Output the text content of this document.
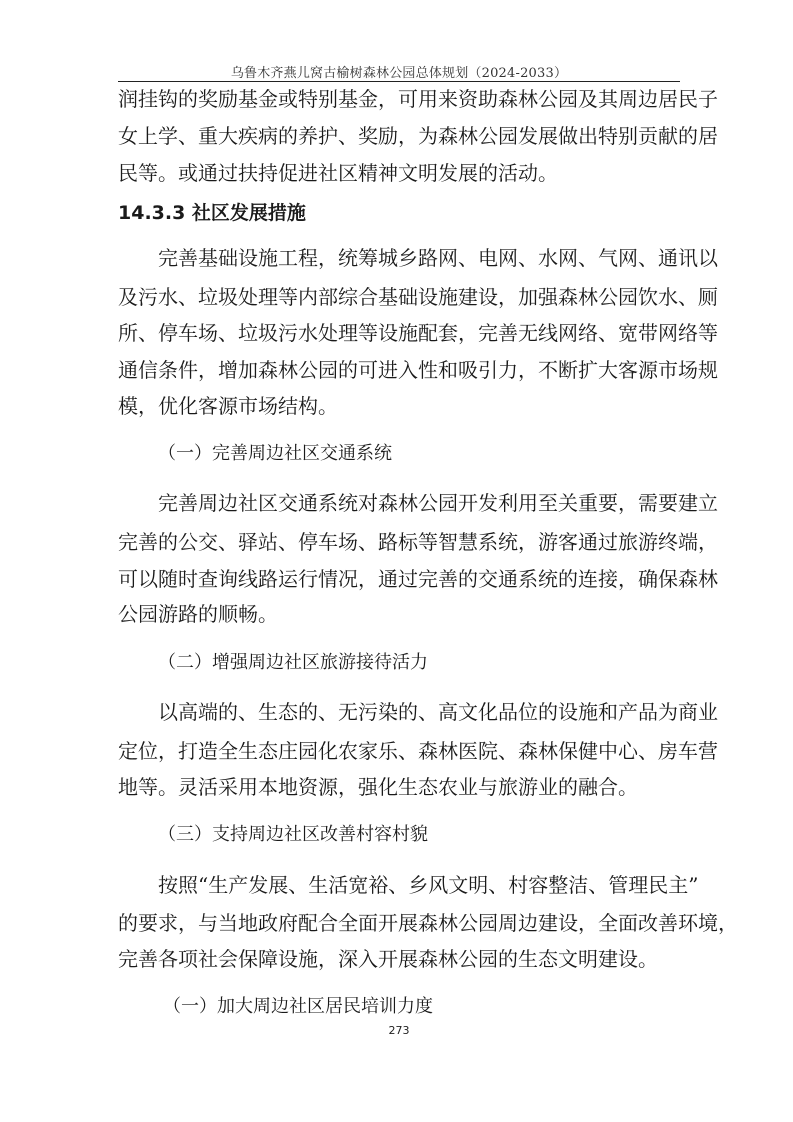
乌鲁木齐燕儿窝古榆树森林公园总体规划（2024-2033）
润挂钩的奖励基金或特别基金，可用来资助森林公园及其周边居民子
女上学、重大疾病的养护、奖励，为森林公园发展做出特别贡献的居
民等。或通过扶持促进社区精神文明发展的活动。
14.3.3 社区发展措施
完善基础设施工程，统筹城乡路网、电网、水网、气网、通讯以
及污水、垃圾处理等内部综合基础设施建设，加强森林公园饮水、厕
所、停车场、垃圾污水处理等设施配套，完善无线网络、宽带网络等
通信条件，增加森林公园的可进入性和吸引力，不断扩大客源市场规
模，优化客源市场结构。
（一）完善周边社区交通系统
完善周边社区交通系统对森林公园开发利用至关重要，需要建立
完善的公交、驿站、停车场、路标等智慧系统，游客通过旅游终端，
可以随时查询线路运行情况，通过完善的交通系统的连接，确保森林
公园游路的顺畅。
（二）增强周边社区旅游接待活力
以高端的、生态的、无污染的、高文化品位的设施和产品为商业
定位，打造全生态庄园化农家乐、森林医院、森林保健中心、房车营
地等。灵活采用本地资源，强化生态农业与旅游业的融合。
（三）支持周边社区改善村容村貌
按照“生产发展、生活宽裕、乡风文明、村容整洁、管理民主”
的要求，与当地政府配合全面开展森林公园周边建设，全面改善环境，
完善各项社会保障设施，深入开展森林公园的生态文明建设。
（一）加大周边社区居民培训力度
273
